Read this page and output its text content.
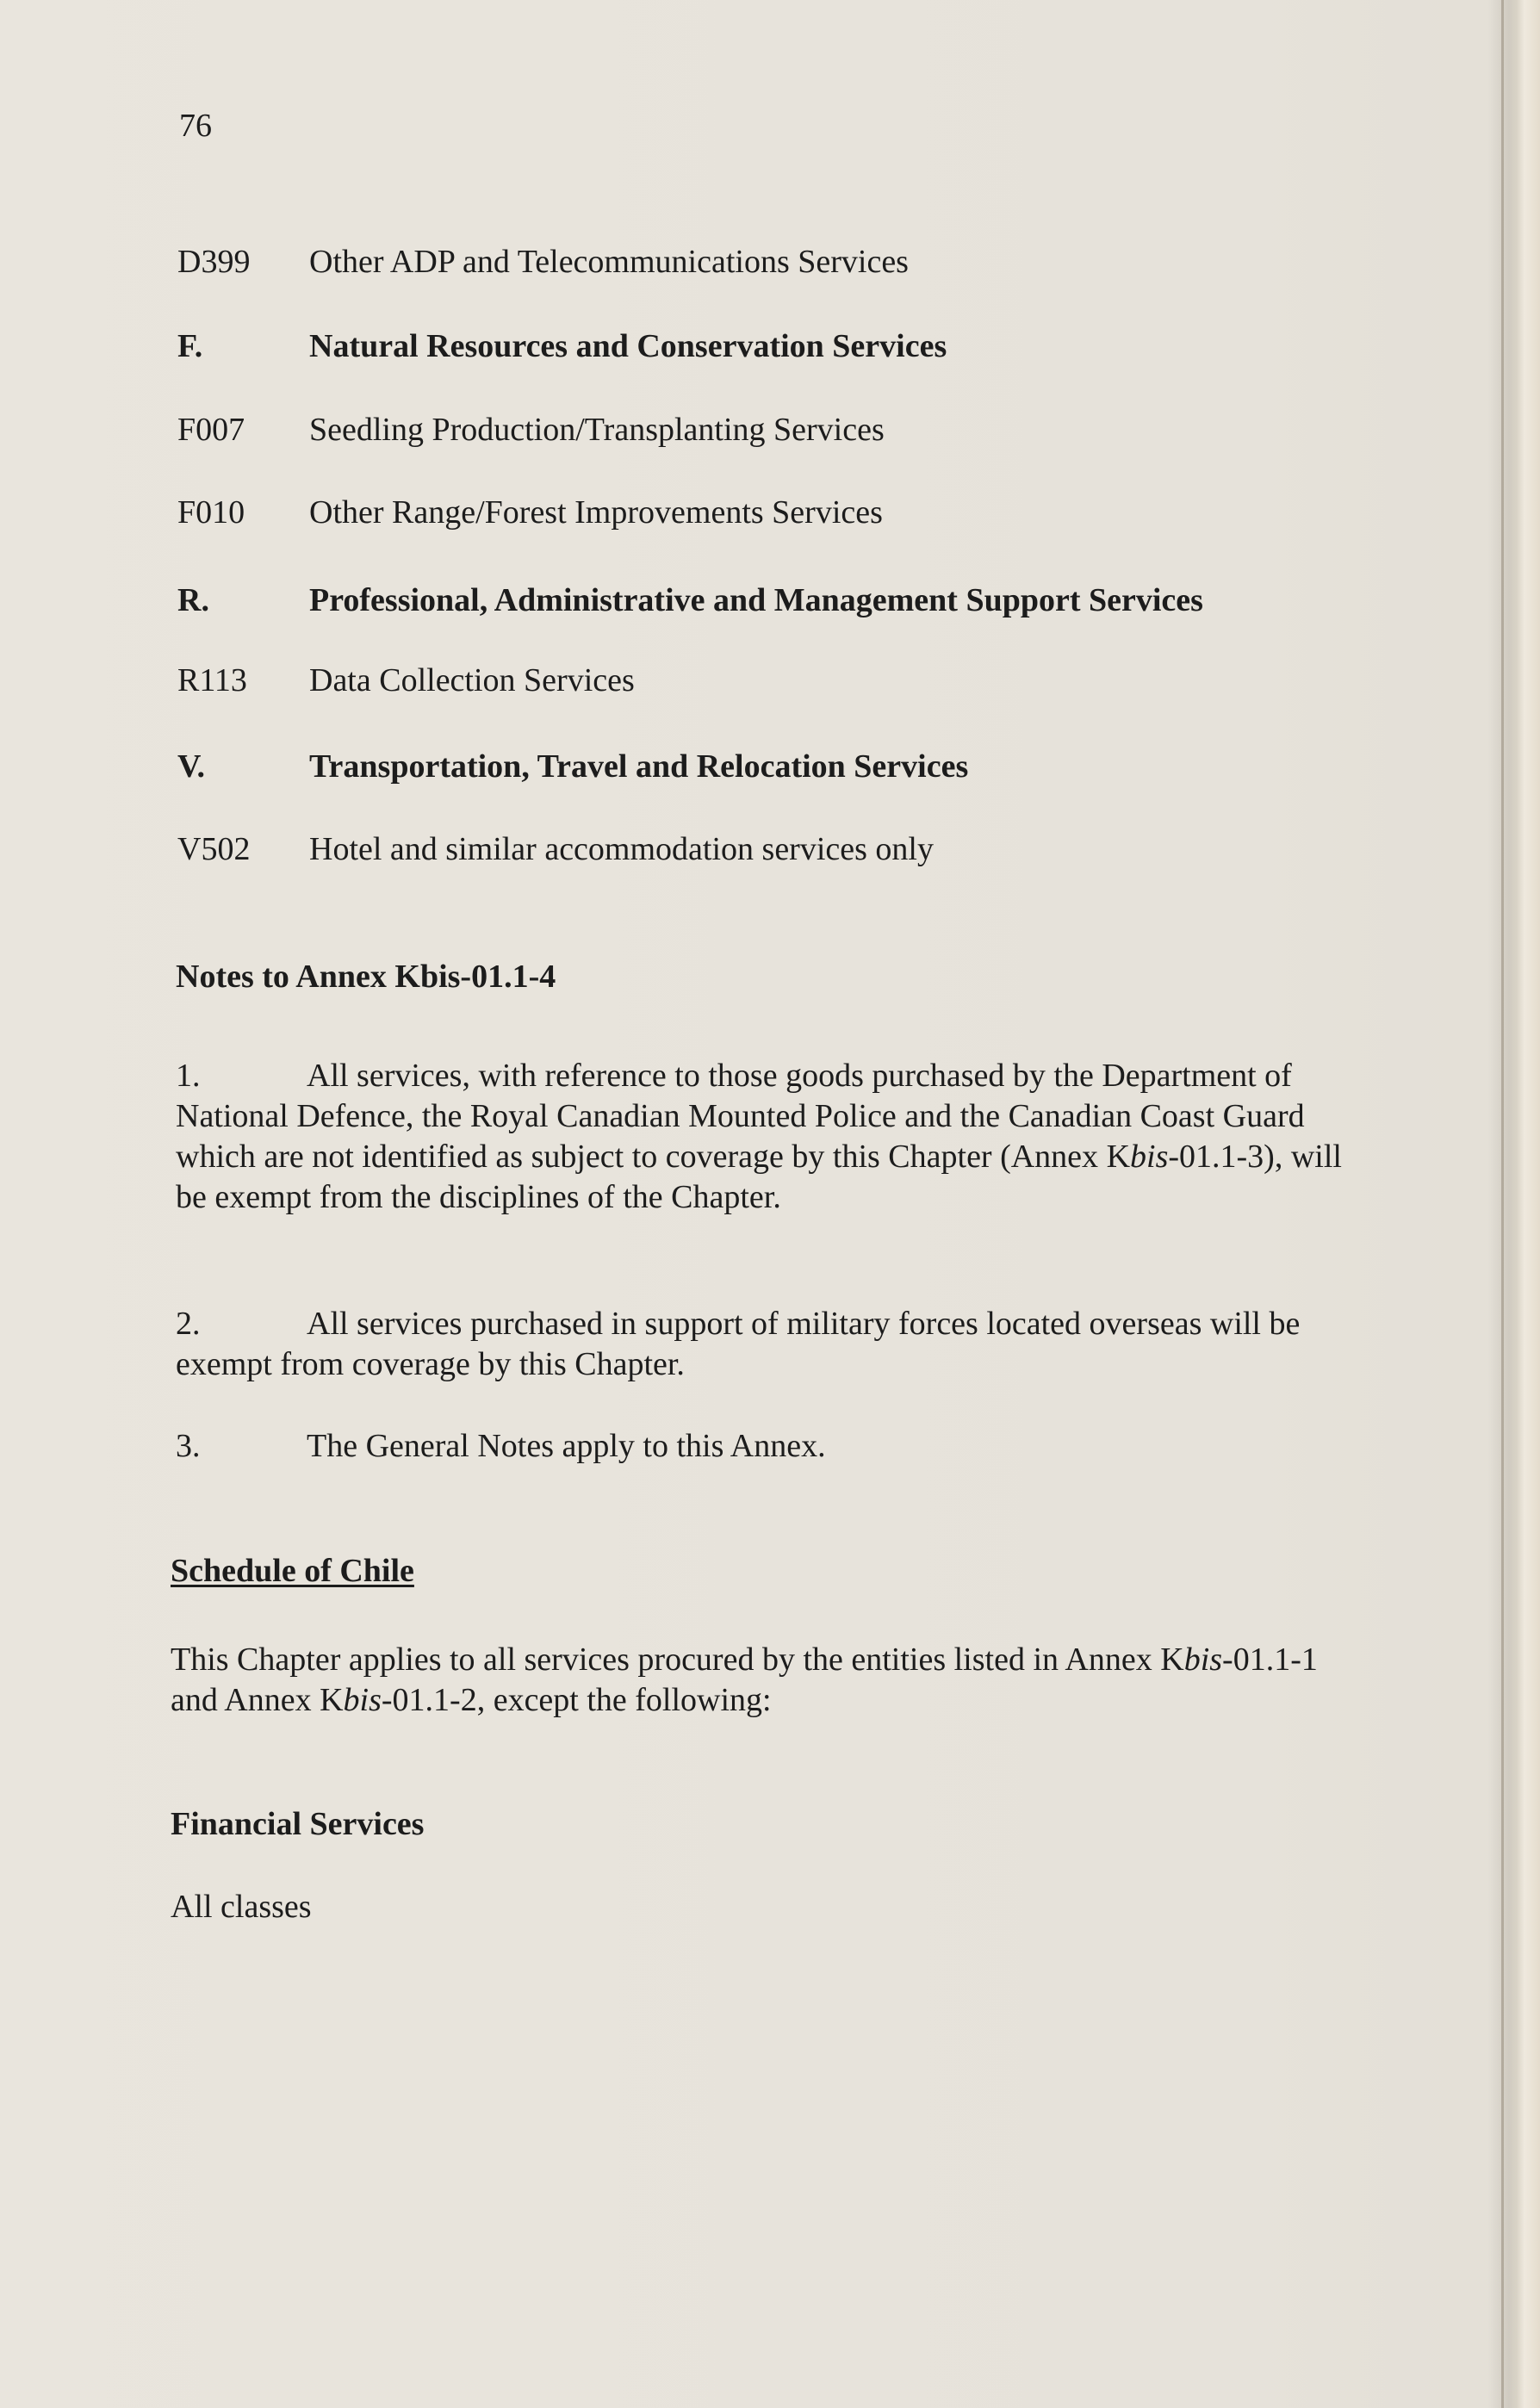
76
D399 Other ADP and Telecommunications Services
F.	Natural Resources and Conservation Services
F007 Seedling Production/Transplanting Services
F010 Other Range/Forest Improvements Services
R.	Professional, Administrative and Management Support Services
R113 Data Collection Services
V.	Transportation, Travel and Relocation Services
V502 Hotel and similar accommodation services only
Notes to Annex Kbis-01.1-4
1.	All services, with reference to those goods purchased by the Department of National Defence, the Royal Canadian Mounted Police and the Canadian Coast Guard which are not identified as subject to coverage by this Chapter (Annex Kbis-01.1-3), will be exempt from the disciplines of the Chapter.
2.	All services purchased in support of military forces located overseas will be exempt from coverage by this Chapter.
3.	The General Notes apply to this Annex.
Schedule of Chile
This Chapter applies to all services procured by the entities listed in Annex Kbis-01.1-1 and Annex Kbis-01.1-2, except the following:
Financial Services
All classes
